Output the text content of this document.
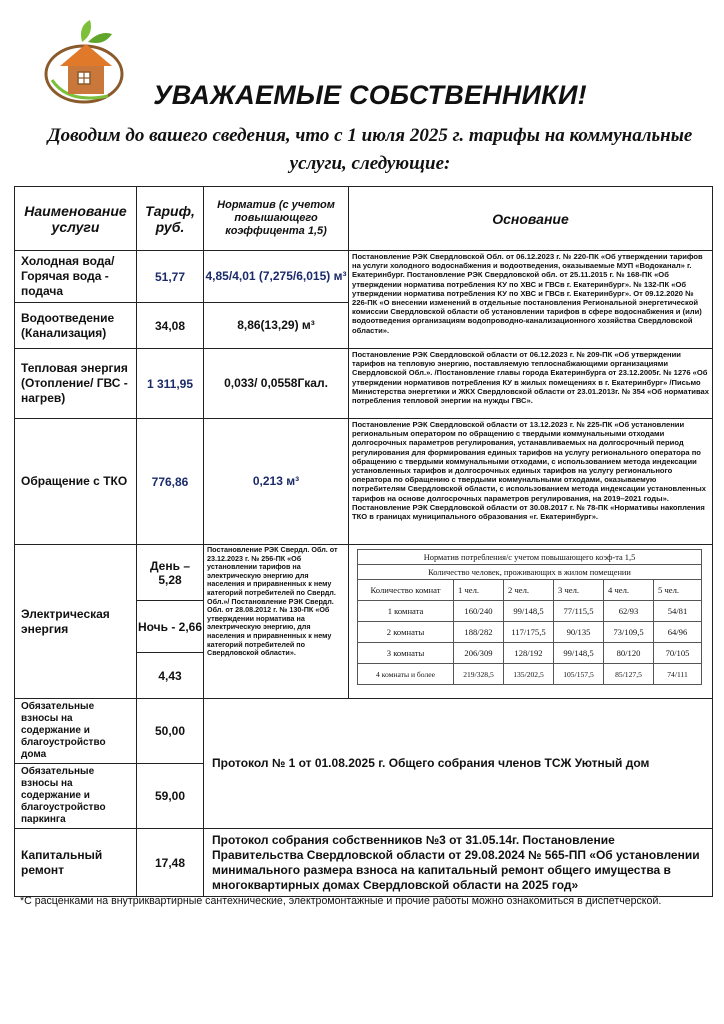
УВАЖАЕМЫЕ СОБСТВЕННИКИ!
Доводим до вашего сведения, что с 1 июля 2025 г. тарифы на коммунальные услуги, следующие:
Наименование услуги	Тариф, руб.	Норматив (с учетом повышающего коэффицента 1,5)	Основание
Холодная вода/ Горячая вода - подача	51,77	4,85/4,01 (7,275/6,015) м³	Постановление РЭК Свердловской Обл. от 06.12.2023 г. № 220-ПК «Об утверждении тарифов на услуги холодного водоснабжения и водоотведения, оказываемые МУП «Водоканал» г. Екатеринбург. Постановление РЭК Свердловской обл. от 25.11.2015 г. № 168-ПК «Об утверждении норматива потребления КУ по ХВС и ГВСв г. Екатеринбург». № 132-ПК «Об утверждении норматива потребления КУ по ХВС и ГВСв г. Екатеринбург». От 09.12.2020 № 226-ПК «О внесении изменений в отдельные постановления Региональной энергетической комиссии Свердловской области об установлении тарифов в сфере водоснабжения и (или) водоотведения организациям водопроводно-канализационного хозяйства Свердловской области».
Водоотведение (Канализация)	34,08	8,86(13,29) м³
Тепловая энергия (Отопление/ ГВС - нагрев)	1 311,95	0,033/ 0,0558Гкал.	Постановление РЭК Свердловской области от 06.12.2023 г. № 209-ПК «Об утверждении тарифов на тепловую энергию, поставляемую теплоснабжающими организациями Свердловской Обл.». /Постановление главы города Екатеринбурга от 23.12.2005г. № 1276 «Об утверждении нормативов потребления КУ в жилых помещениях в г. Екатеринбург» /Письмо Министерства энергетики и ЖКХ Свердловской области от 23.01.2013г. № 354 «Об нормативах потребления тепловой энергии на нужды ГВС».
Обращение с ТКО	776,86	0,213 м³	Постановление РЭК Свердловской области от 13.12.2023 г. № 225-ПК «Об установлении региональным оператором по обращению с твердыми коммунальными отходами долгосрочных параметров регулирования, устанавливаемых на долгосрочный период регулирования для формирования единых тарифов на услугу регионального оператора по обращению с твердыми коммунальными отходами, с использованием метода индексации установленных тарифов и долгосрочных единых тарифов на услугу регионального оператора по обращению с твердыми коммунальными отходами, оказываемую потребителям Свердловской области, с использованием метода индексации установленных тарифов на основе долгосрочных параметров регулирования, на 2019–2021 годы». Постановление РЭК Свердловской области от 30.08.2017 г. № 78-ПК «Нормативы накопления ТКО в границах муниципального образования «г. Екатеринбург».
Электрическая энергия	День – 5,28	Постановление РЭК Свердл. Обл. от 23.12.2023 г. № 256-ПК «Об установлении тарифов на электрическую энергию для населения и приравненных к нему категорий потребителей по Свердл. Обл.»/ Постановление РЭК Свердл. Обл. от 28.08.2012 г. № 130-ПК «Об утверждении норматива на электрическую энергию, для населения и приравненных к нему категорий потребителей по Свердловской области».	
Норматив потребления/с учетом повышающего коэф-та 1,5
Количество человек, проживающих в жилом помещении
Количество комнат	1 чел.	2 чел.	3 чел.	4 чел.	5 чел.
1 комната	160/240	99/148,5	77/115,5	62/93	54/81
2 комнаты	188/282	117/175,5	90/135	73/109,5	64/96
3 комнаты	206/309	128/192	99/148,5	80/120	70/105
4 комнаты и более	219/328,5	135/202,5	105/157,5	85/127,5	74/111

Ночь - 2,66
4,43
Обязательные взносы на содержание и благоустройство дома	50,00	Протокол № 1 от 01.08.2025 г. Общего собрания членов ТСЖ Уютный дом
Обязательные взносы на содержание и благоустройство паркинга	59,00
Капитальный ремонт	17,48	Протокол собрания собственников №3 от 31.05.14г. Постановление Правительства Свердловской области от 29.08.2024 № 565-ПП «Об установлении минимального размера взноса на капитальный ремонт общего имущества в многоквартирных домах Свердловской области на 2025 год»
*С расценками на внутриквартирные сантехнические, электромонтажные и прочие работы можно ознакомиться в диспетчерской.
